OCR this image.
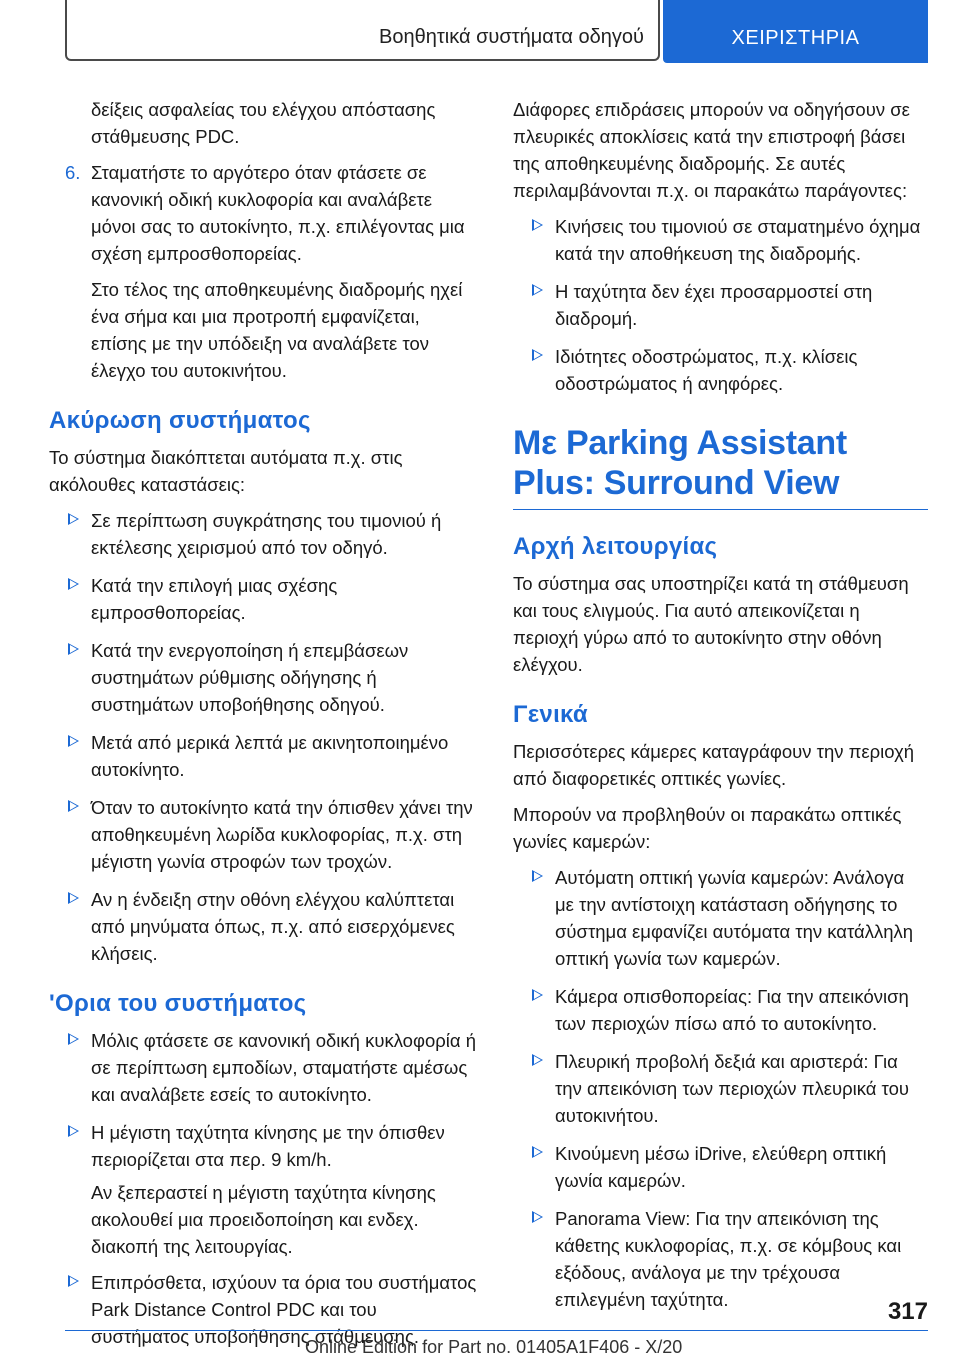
Βοηθητικά συστήματα οδηγού	ΧΕΙΡΙΣΤΗΡΙΑ

δείξεις ασφαλείας του ελέγχου απόστασης στάθμευσης PDC.

6. Σταματήστε το αργότερο όταν φτάσετε σε κανονική οδική κυκλοφορία και αναλάβετε μόνοι σας το αυτοκίνητο, π.χ. επιλέγοντας μια σχέση εμπροσθοπορείας.

Στο τέλος της αποθηκευμένης διαδρομής ηχεί ένα σήμα και μια προτροπή εμφανίζεται, επίσης με την υπόδειξη να αναλάβετε τον έλεγχο του αυτοκινήτου.

Ακύρωση συστήματος

Το σύστημα διακόπτεται αυτόματα π.χ. στις ακόλουθες καταστάσεις:

Σε περίπτωση συγκράτησης του τιμονιού ή εκτέλεσης χειρισμού από τον οδηγό.
Κατά την επιλογή μιας σχέσης εμπροσθοπορείας.
Κατά την ενεργοποίηση ή επεμβάσεων συστημάτων ρύθμισης οδήγησης ή συστημάτων υποβοήθησης οδηγού.
Μετά από μερικά λεπτά με ακινητοποιημένο αυτοκίνητο.
Όταν το αυτοκίνητο κατά την όπισθεν χάνει την αποθηκευμένη λωρίδα κυκλοφορίας, π.χ. στη μέγιστη γωνία στροφών των τροχών.
Αν η ένδειξη στην οθόνη ελέγχου καλύπτεται από μηνύματα όπως, π.χ. από εισερχόμενες κλήσεις.
'Ορια του συστήματος
Μόλις φτάσετε σε κανονική οδική κυκλοφορία ή σε περίπτωση εμποδίων, σταματήστε αμέσως και αναλάβετε εσείς το αυτοκίνητο.
Η μέγιστη ταχύτητα κίνησης με την όπισθεν περιορίζεται στα περ. 9 km/h.

Αν ξεπεραστεί η μέγιστη ταχύτητα κίνησης ακολουθεί μια προειδοποίηση και ενδεχ. διακοπή της λειτουργίας.

Επιπρόσθετα, ισχύουν τα όρια του συστήματος Park Distance Control PDC και του συστήματος υποβοήθησης στάθμευσης.

Διάφορες επιδράσεις μπορούν να οδηγήσουν σε πλευρικές αποκλίσεις κατά την επιστροφή βάσει της αποθηκευμένης διαδρομής. Σε αυτές περιλαμβάνονται π.χ. οι παρακάτω παράγοντες:

Κινήσεις του τιμονιού σε σταματημένο όχημα κατά την αποθήκευση της διαδρομής.
Η ταχύτητα δεν έχει προσαρμοστεί στη διαδρομή.
Ιδιότητες οδοστρώματος, π.χ. κλίσεις οδοστρώματος ή ανηφόρες.
Με Parking Assistant Plus: Surround View
Αρχή λειτουργίας

Το σύστημα σας υποστηρίζει κατά τη στάθμευση και τους ελιγμούς. Για αυτό απεικονίζεται η περιοχή γύρω από το αυτοκίνητο στην οθόνη ελέγχου.

Γενικά

Περισσότερες κάμερες καταγράφουν την περιοχή από διαφορετικές οπτικές γωνίες.

Μπορούν να προβληθούν οι παρακάτω οπτικές γωνίες καμερών:

Αυτόματη οπτική γωνία καμερών: Ανάλογα με την αντίστοιχη κατάσταση οδήγησης το σύστημα εμφανίζει αυτόματα την κατάλληλη οπτική γωνία των καμερών.
Κάμερα οπισθοπορείας: Για την απεικόνιση των περιοχών πίσω από το αυτοκίνητο.
Πλευρική προβολή δεξιά και αριστερά: Για την απεικόνιση των περιοχών πλευρικά του αυτοκινήτου.
Κινούμενη μέσω iDrive, ελεύθερη οπτική γωνία καμερών.
Panorama View: Για την απεικόνιση της κάθετης κυκλοφορίας, π.χ. σε κόμβους και εξόδους, ανάλογα με την τρέχουσα επιλεγμένη ταχύτητα.	317
Online Edition for Part no. 01405A1F406 - X/20
